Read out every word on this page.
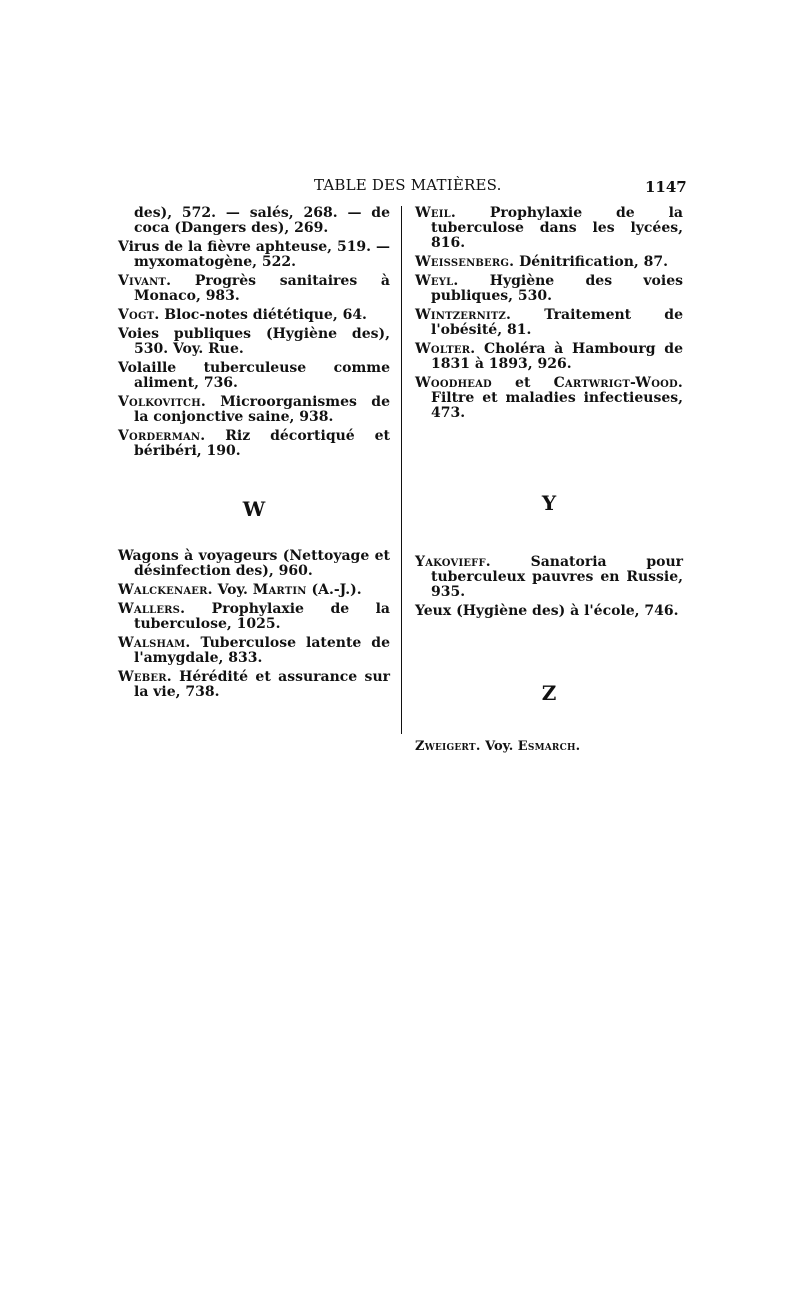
TABLE DES MATIÈRES.	1147

des), 572. — salés, 268. — de coca (Dangers des), 269.

Virus de la fièvre aphteuse, 519. — myxomatogène, 522.

Vivant. Progrès sanitaires à Monaco, 983.

Vogt. Bloc-notes diététique, 64.

Voies publiques (Hygiène des), 530. Voy. Rue.

Volaille tuberculeuse comme aliment, 736.

Volkovitch. Microorganismes de la conjonctive saine, 938.

Vorderman. Riz décortiqué et béribéri, 190.

W

Wagons à voyageurs (Nettoyage et désinfection des), 960.

Walckenaer. Voy. Martin (A.-J.).

Wallers. Prophylaxie de la tuberculose, 1025.

Walsham. Tuberculose latente de l'amygdale, 833.

Weber. Hérédité et assurance sur la vie, 738.

Weil. Prophylaxie de la tuberculose dans les lycées, 816.

Weissenberg. Dénitrification, 87.

Weyl. Hygiène des voies publiques, 530.

Wintzernitz. Traitement de l'obésité, 81.

Wolter. Choléra à Hambourg de 1831 à 1893, 926.

Woodhead et Cartwrigt-Wood. Filtre et maladies infectieuses, 473.

Y

Yakovieff. Sanatoria pour tuberculeux pauvres en Russie, 935.

Yeux (Hygiène des) à l'école, 746.

Z

Zweigert. Voy. Esmarch.
